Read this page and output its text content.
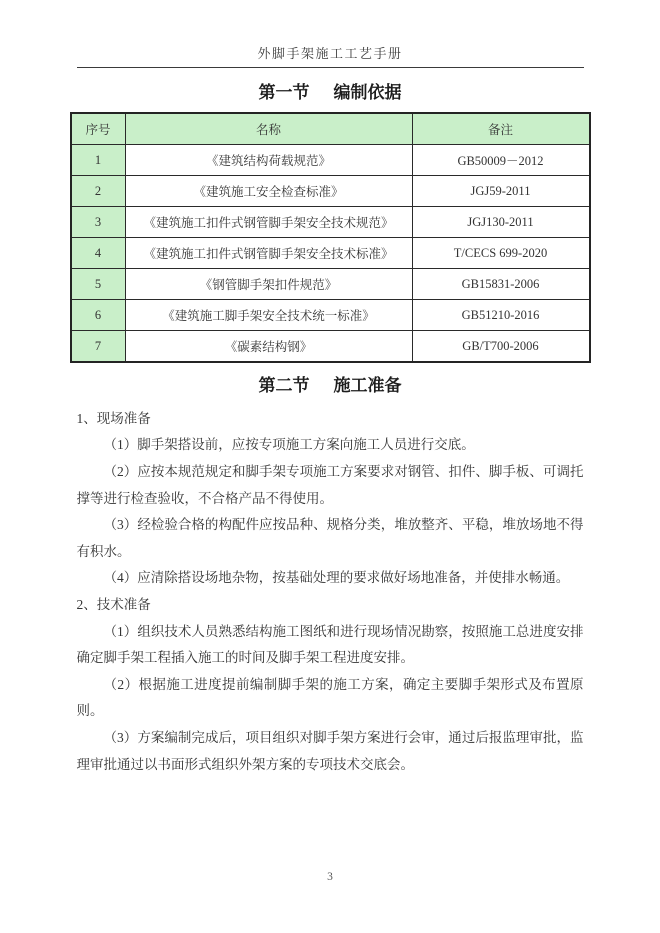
外脚手架施工工艺手册
第一节 编制依据
序号	名称	备注
1	《建筑结构荷载规范》	GB50009－2012
2	《建筑施工安全检查标准》	JGJ59-2011
3	《建筑施工扣件式钢管脚手架安全技术规范》	JGJ130-2011
4	《建筑施工扣件式钢管脚手架安全技术标准》	T/CECS 699-2020
5	《钢管脚手架扣件规范》	GB15831-2006
6	《建筑施工脚手架安全技术统一标准》	GB51210-2016
7	《碳素结构钢》	GB/T700-2006
第二节 施工准备

1、现场准备

（1）脚手架搭设前，应按专项施工方案向施工人员进行交底。

（2）应按本规范规定和脚手架专项施工方案要求对钢管、扣件、脚手板、可调托撑等进行检查验收，不合格产品不得使用。

（3）经检验合格的构配件应按品种、规格分类，堆放整齐、平稳，堆放场地不得有积水。

（4）应清除搭设场地杂物，按基础处理的要求做好场地准备，并使排水畅通。

2、技术准备

（1）组织技术人员熟悉结构施工图纸和进行现场情况勘察，按照施工总进度安排确定脚手架工程插入施工的时间及脚手架工程进度安排。

（2）根据施工进度提前编制脚手架的施工方案，确定主要脚手架形式及布置原则。

（3）方案编制完成后，项目组织对脚手架方案进行会审，通过后报监理审批，监理审批通过以书面形式组织外架方案的专项技术交底会。

3
